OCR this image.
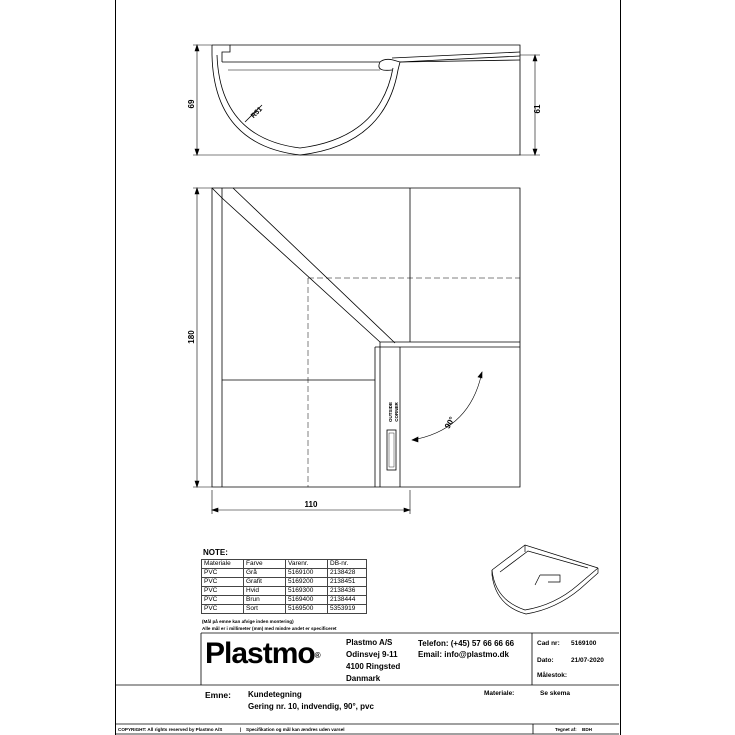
69
61
R51
OUTSIDE CORNER
90°
180
110
NOTE:
Materiale	Farve	Varenr.	DB-nr.
PVC	Grå	5169100	2138428
PVC	Grafit	5169200	2138451
PVC	Hvid	5169300	2138436
PVC	Brun	5169400	2138444
PVC	Sort	5169500	5353919
(Mål på emne kan afvige inden montering)
Alle mål er i millimeter (mm) med mindre andet er specificeret
Plastmo®
Plastmo A/S
Odinsvej 9-11
4100 Ringsted
Danmark
Telefon: (+45) 57 66 66 66
Email: info@plastmo.dk
Cad nr: 5169100
Dato:	21/07-2020
Målestok:
Emne: Kundetegning
Gering nr. 10, indvendig, 90°, pvc
Materiale:	Se skema
COPYRIGHT: All rights reserved by Plastmo A/S	| Specifikation og mål kan ændres uden varsel	Tegnet af: BDH
